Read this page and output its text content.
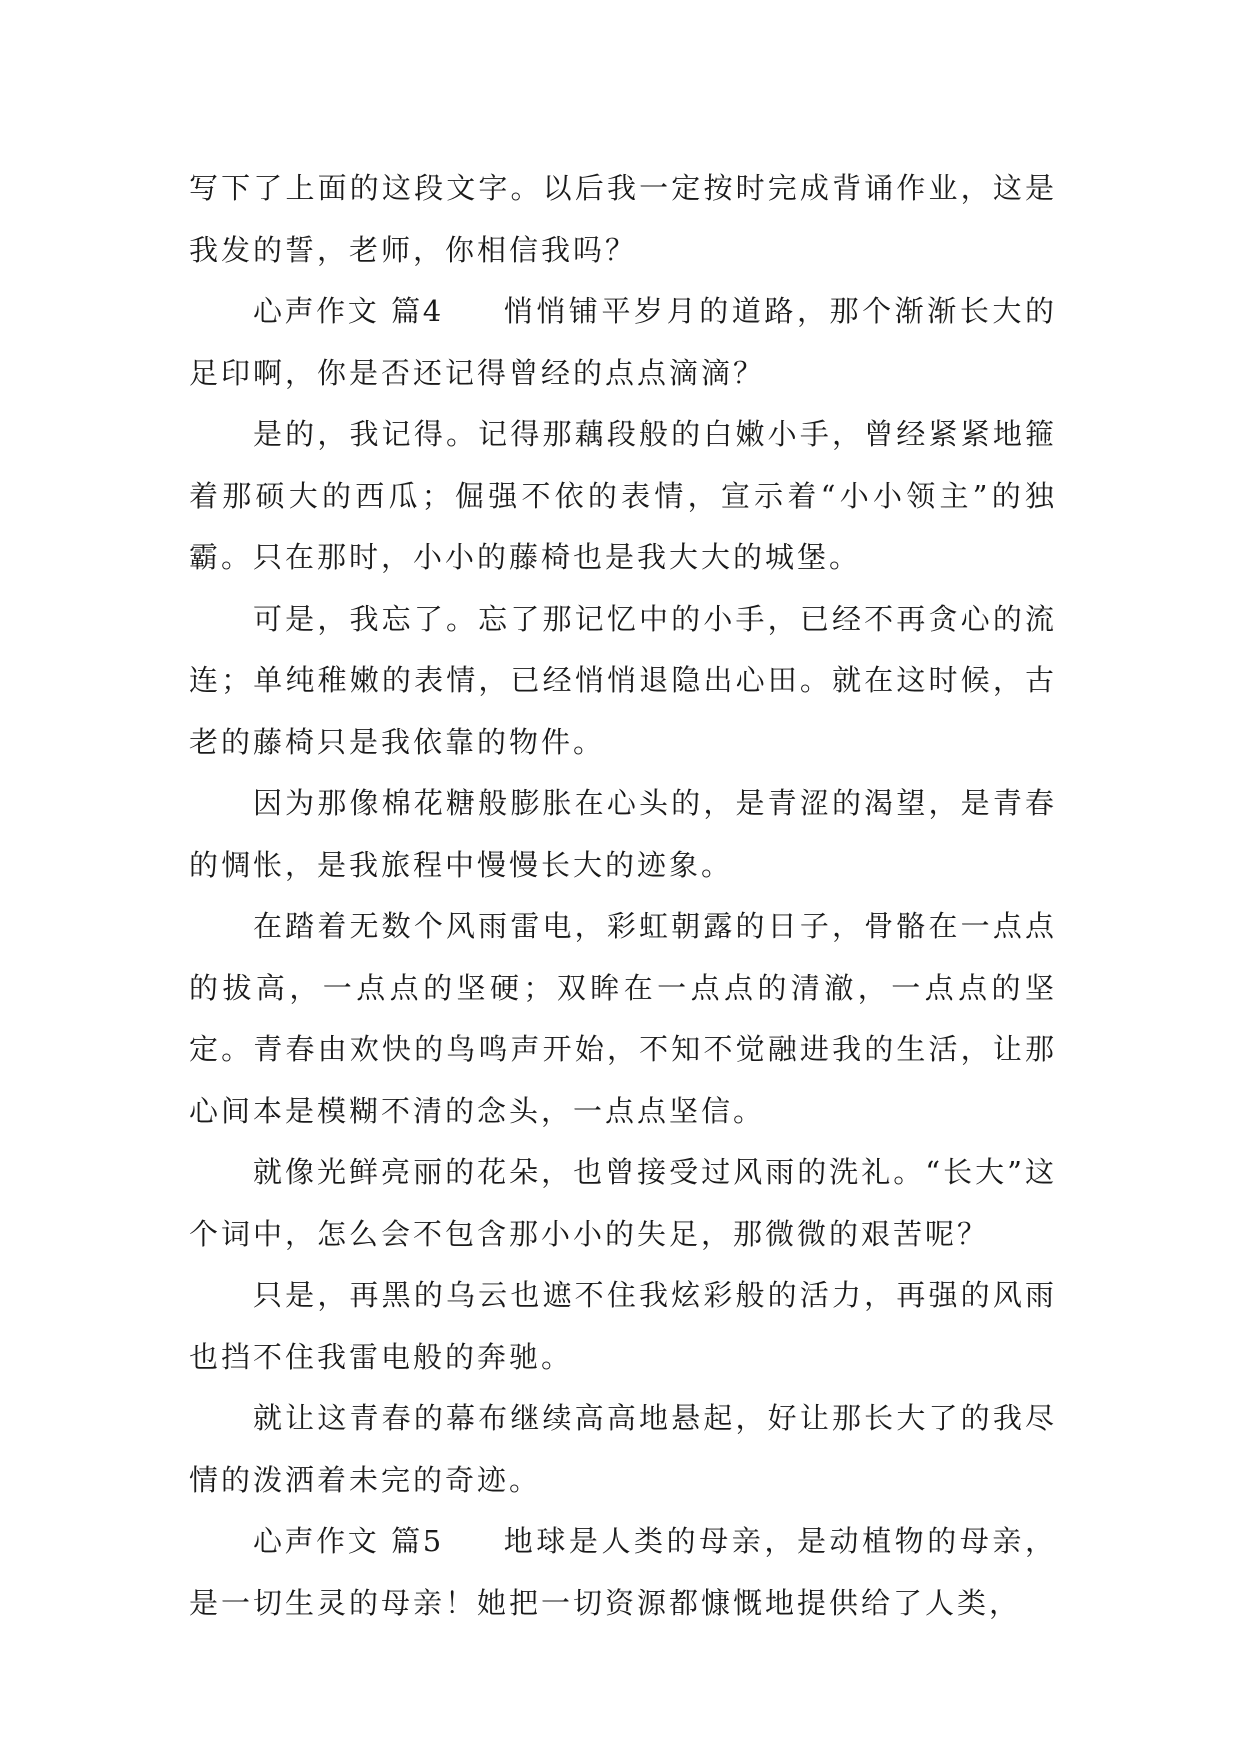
写下了上面的这段文字。以后我一定按时完成背诵作业，这是我发的誓，老师，你相信我吗？

心声作文 篇4 悄悄铺平岁月的道路，那个渐渐长大的足印啊，你是否还记得曾经的点点滴滴？

是的，我记得。记得那藕段般的白嫩小手，曾经紧紧地箍着那硕大的西瓜；倔强不依的表情，宣示着“小小领主”的独霸。只在那时，小小的藤椅也是我大大的城堡。

可是，我忘了。忘了那记忆中的小手，已经不再贪心的流连；单纯稚嫩的表情，已经悄悄退隐出心田。就在这时候，古老的藤椅只是我依靠的物件。

因为那像棉花糖般膨胀在心头的，是青涩的渴望，是青春的惆怅，是我旅程中慢慢长大的迹象。

在踏着无数个风雨雷电，彩虹朝露的日子，骨骼在一点点的拔高，一点点的坚硬；双眸在一点点的清澈，一点点的坚定。青春由欢快的鸟鸣声开始，不知不觉融进我的生活，让那心间本是模糊不清的念头，一点点坚信。

就像光鲜亮丽的花朵，也曾接受过风雨的洗礼。“长大”这个词中，怎么会不包含那小小的失足，那微微的艰苦呢？

只是，再黑的乌云也遮不住我炫彩般的活力，再强的风雨也挡不住我雷电般的奔驰。

就让这青春的幕布继续高高地悬起，好让那长大了的我尽情的泼洒着未完的奇迹。

心声作文 篇5 地球是人类的母亲，是动植物的母亲，是一切生灵的母亲！她把一切资源都慷慨地提供给了人类，
